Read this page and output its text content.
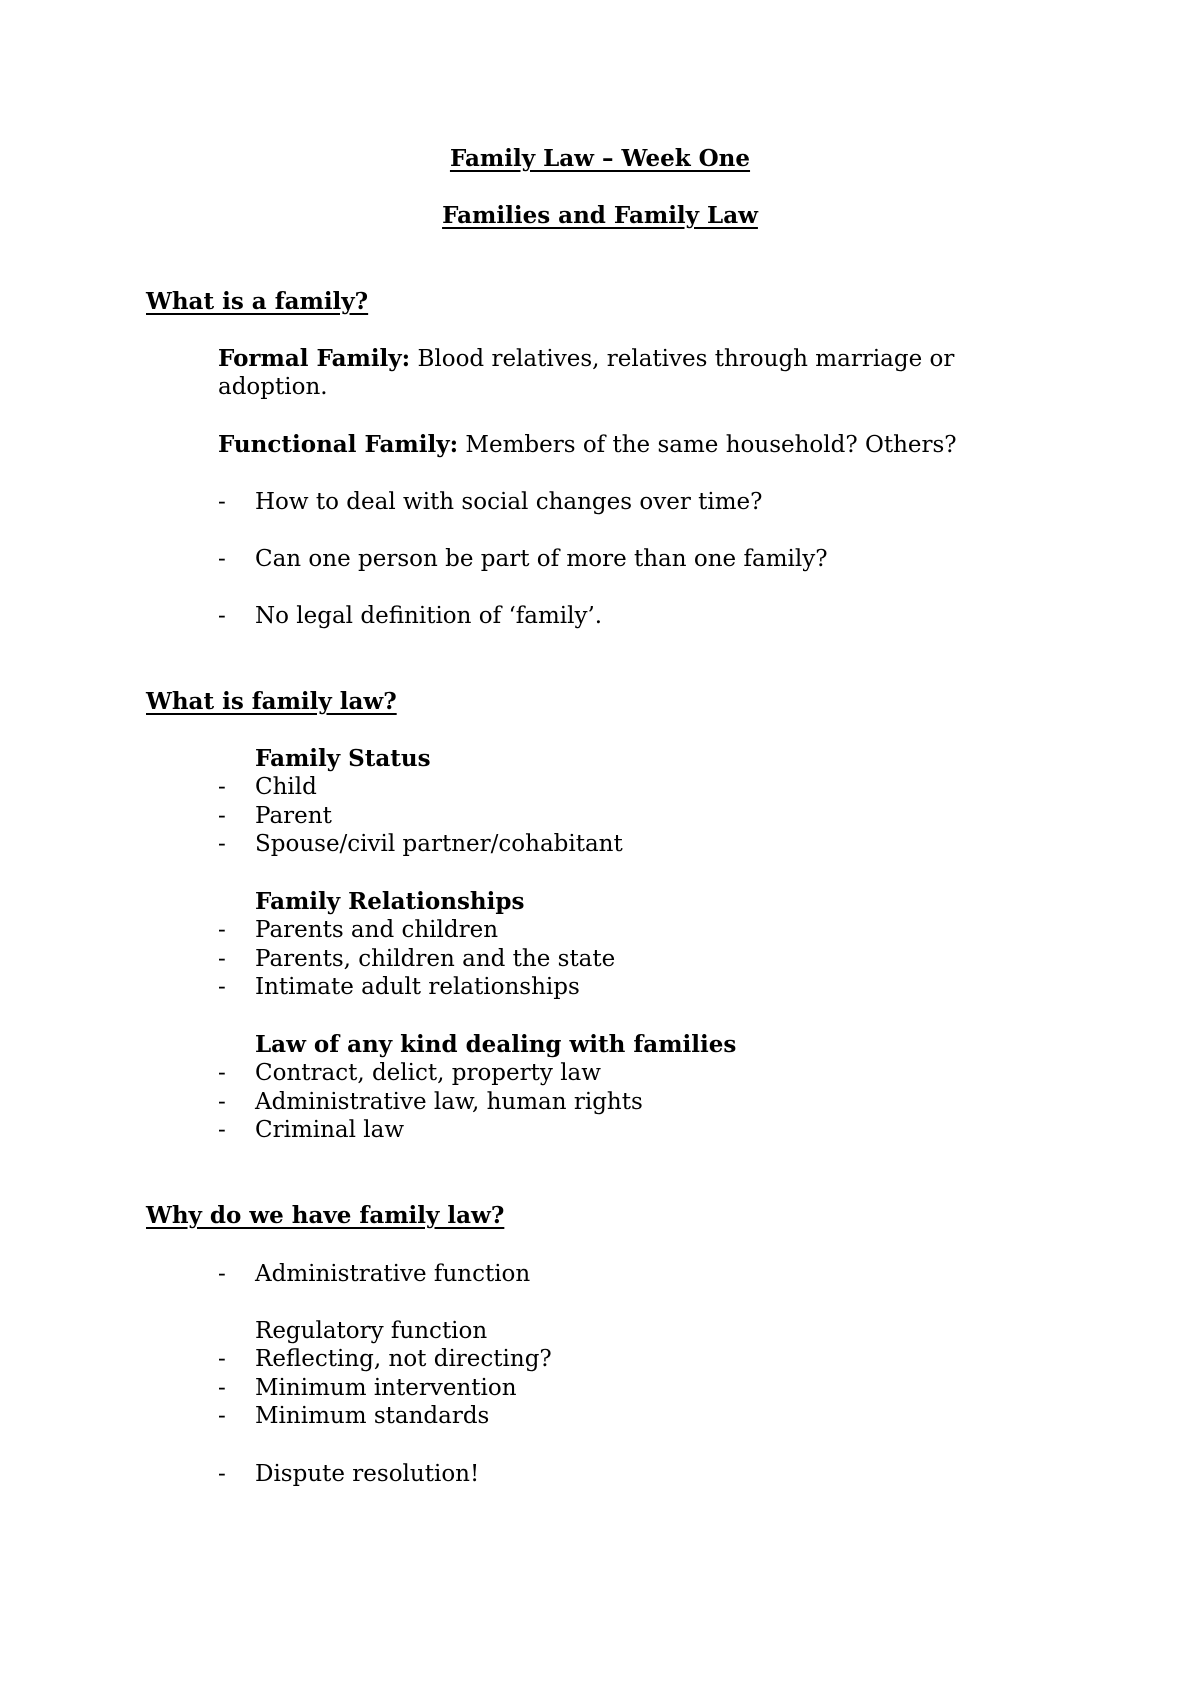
Family Law – Week One

Families and Family Law

What is a family?

Formal Family: Blood relatives, relatives through marriage or

adoption.

Functional Family: Members of the same household? Others?

- How to deal with social changes over time?

- Can one person be part of more than one family?

- No legal definition of ‘family’.

What is family law?

Family Status

- Child

- Parent

- Spouse/civil partner/cohabitant

Family Relationships

- Parents and children

- Parents, children and the state

- Intimate adult relationships

Law of any kind dealing with families

- Contract, delict, property law

- Administrative law, human rights

- Criminal law

Why do we have family law?

- Administrative function

Regulatory function

- Reflecting, not directing?

- Minimum intervention

- Minimum standards

- Dispute resolution!
